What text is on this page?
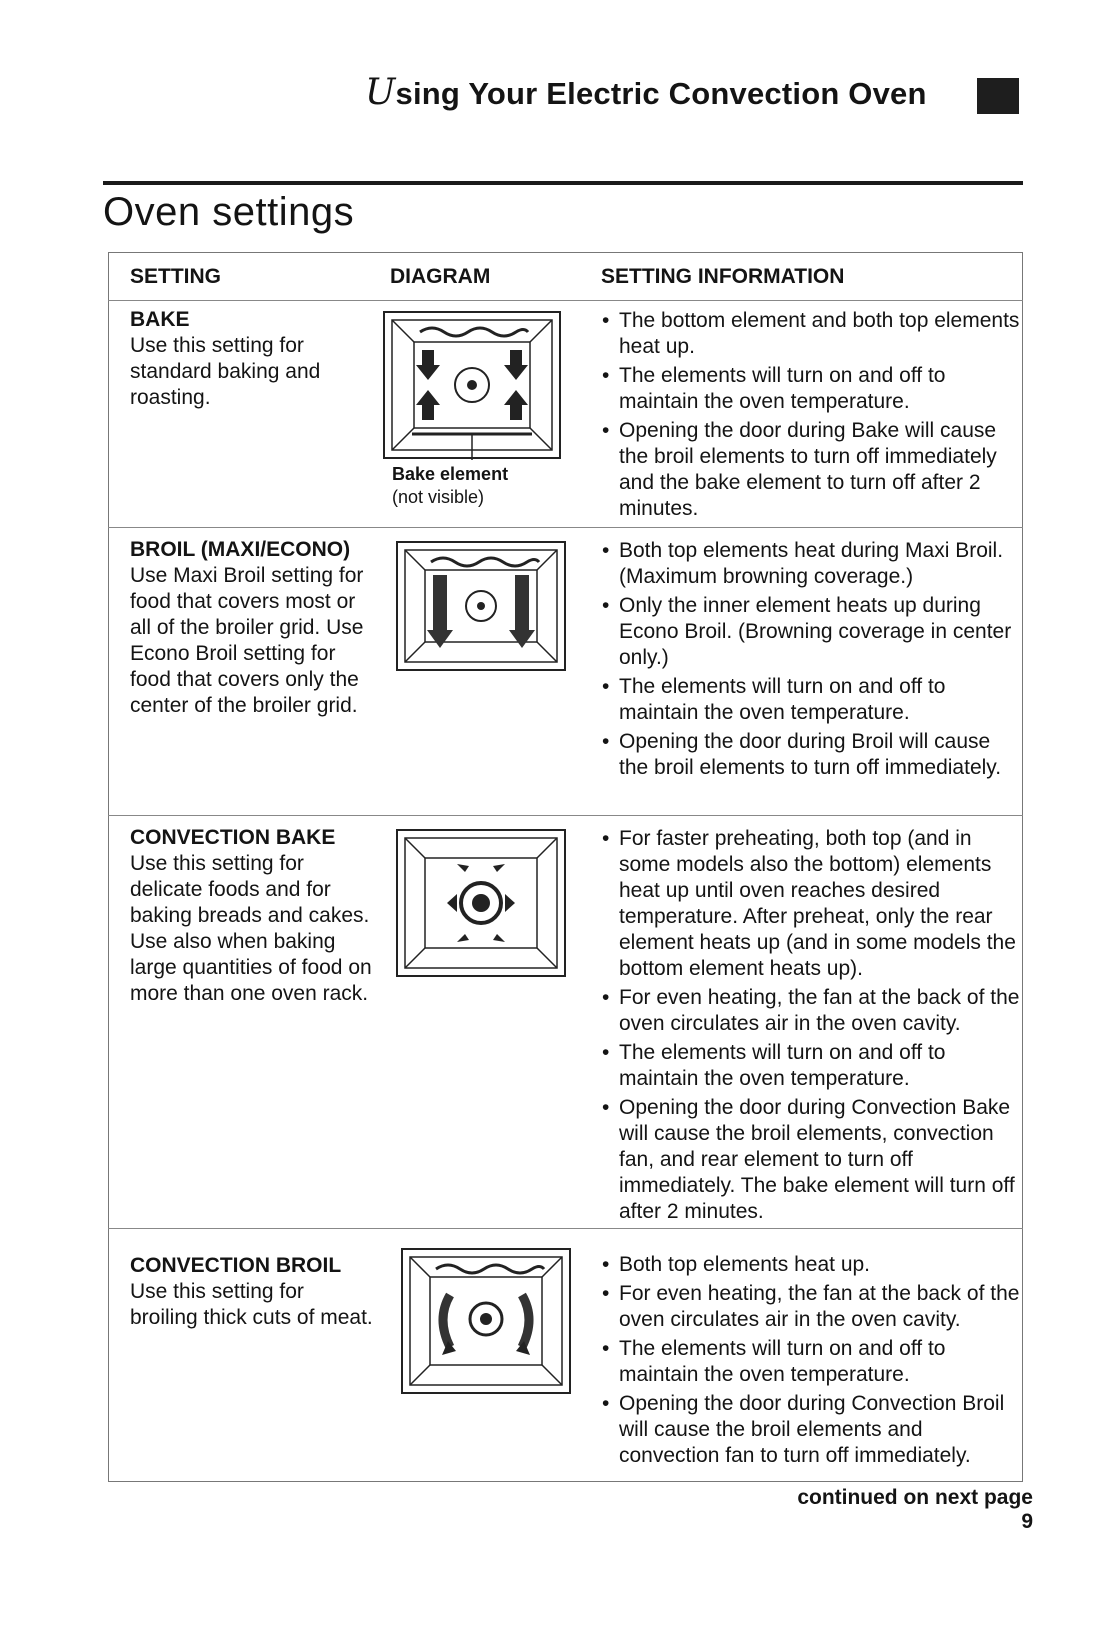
Using Your Electric Convection Oven
Oven settings
SETTING	DIAGRAM	SETTING INFORMATION
BAKE
Use this setting for standard baking and roasting.
Bake element
(not visible)
• The bottom element and both top elements heat up.
• The elements will turn on and off to maintain the oven temperature.
• Opening the door during Bake will cause the broil elements to turn off immediately and the bake element to turn off after 2 minutes.
BROIL (MAXI/ECONO)
Use Maxi Broil setting for food that covers most or all of the broiler grid. Use Econo Broil setting for food that covers only the center of the broiler grid.
• Both top elements heat during Maxi Broil. (Maximum browning coverage.)
• Only the inner element heats up during Econo Broil. (Browning coverage in center only.)
• The elements will turn on and off to maintain the oven temperature.
• Opening the door during Broil will cause the broil elements to turn off immediately.
CONVECTION BAKE
Use this setting for delicate foods and for baking breads and cakes. Use also when baking large quantities of food on more than one oven rack.
• For faster preheating, both top (and in some models also the bottom) elements heat up until oven reaches desired temperature. After preheat, only the rear element heats up (and in some models the bottom element heats up).
• For even heating, the fan at the back of the oven circulates air in the oven cavity.
• The elements will turn on and off to maintain the oven temperature.
• Opening the door during Convection Bake will cause the broil elements, convection fan, and rear element to turn off immediately. The bake element will turn off after 2 minutes.
CONVECTION BROIL
Use this setting for broiling thick cuts of meat.
• Both top elements heat up.
• For even heating, the fan at the back of the oven circulates air in the oven cavity.
• The elements will turn on and off to maintain the oven temperature.
• Opening the door during Convection Broil will cause the broil elements and convection fan to turn off immediately.
continued on next page
9
